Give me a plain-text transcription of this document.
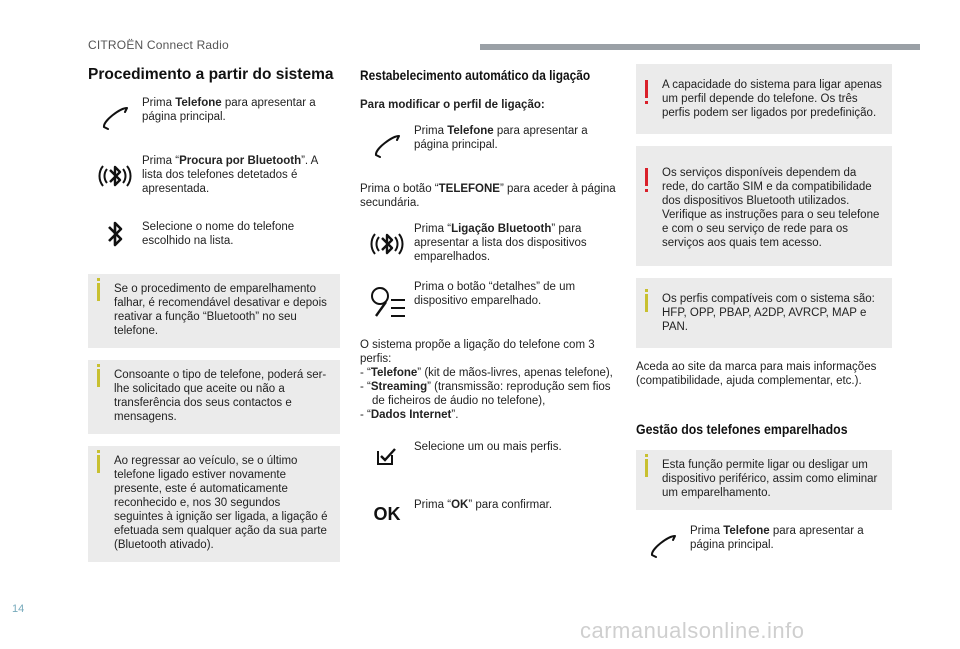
CITROËN Connect Radio
Procedimento a partir do sistema
Prima Telefone para apresentar a página principal.
Prima “Procura por Bluetooth”. A lista dos telefones detetados é apresentada.
Selecione o nome do telefone escolhido na lista.
Se o procedimento de emparelhamento falhar, é recomendável desativar e depois reativar a função “Bluetooth” no seu telefone.
Consoante o tipo de telefone, poderá ser-lhe solicitado que aceite ou não a transferência dos seus contactos e mensagens.
Ao regressar ao veículo, se o último telefone ligado estiver novamente presente, este é automaticamente reconhecido e, nos 30 segundos seguintes à ignição ser ligada, a ligação é efetuada sem qualquer ação da sua parte (Bluetooth ativado).
Restabelecimento automático da ligação
Para modificar o perfil de ligação:
Prima Telefone para apresentar a página principal.

Prima o botão “TELEFONE” para aceder à página secundária.

Prima “Ligação Bluetooth” para apresentar a lista dos dispositivos emparelhados.
Prima o botão “detalhes” de um dispositivo emparelhado.

O sistema propõe a ligação do telefone com 3 perfis:

- “Telefone” (kit de mãos-livres, apenas telefone),
- “Streaming” (transmissão: reprodução sem fios de ficheiros de áudio no telefone),
- “Dados Internet”.
Selecione um ou mais perfis.
OK Prima “OK” para confirmar.
A capacidade do sistema para ligar apenas um perfil depende do telefone. Os três perfis podem ser ligados por predefinição.
Os serviços disponíveis dependem da rede, do cartão SIM e da compatibilidade dos dispositivos Bluetooth utilizados. Verifique as instruções para o seu telefone e com o seu serviço de rede para os serviços aos quais tem acesso.
Os perfis compatíveis com o sistema são: HFP, OPP, PBAP, A2DP, AVRCP, MAP e PAN.

Aceda ao site da marca para mais informações (compatibilidade, ajuda complementar, etc.).

Gestão dos telefones emparelhados
Esta função permite ligar ou desligar um dispositivo periférico, assim como eliminar um emparelhamento.
Prima Telefone para apresentar a página principal.
14
carmanualsonline.info
